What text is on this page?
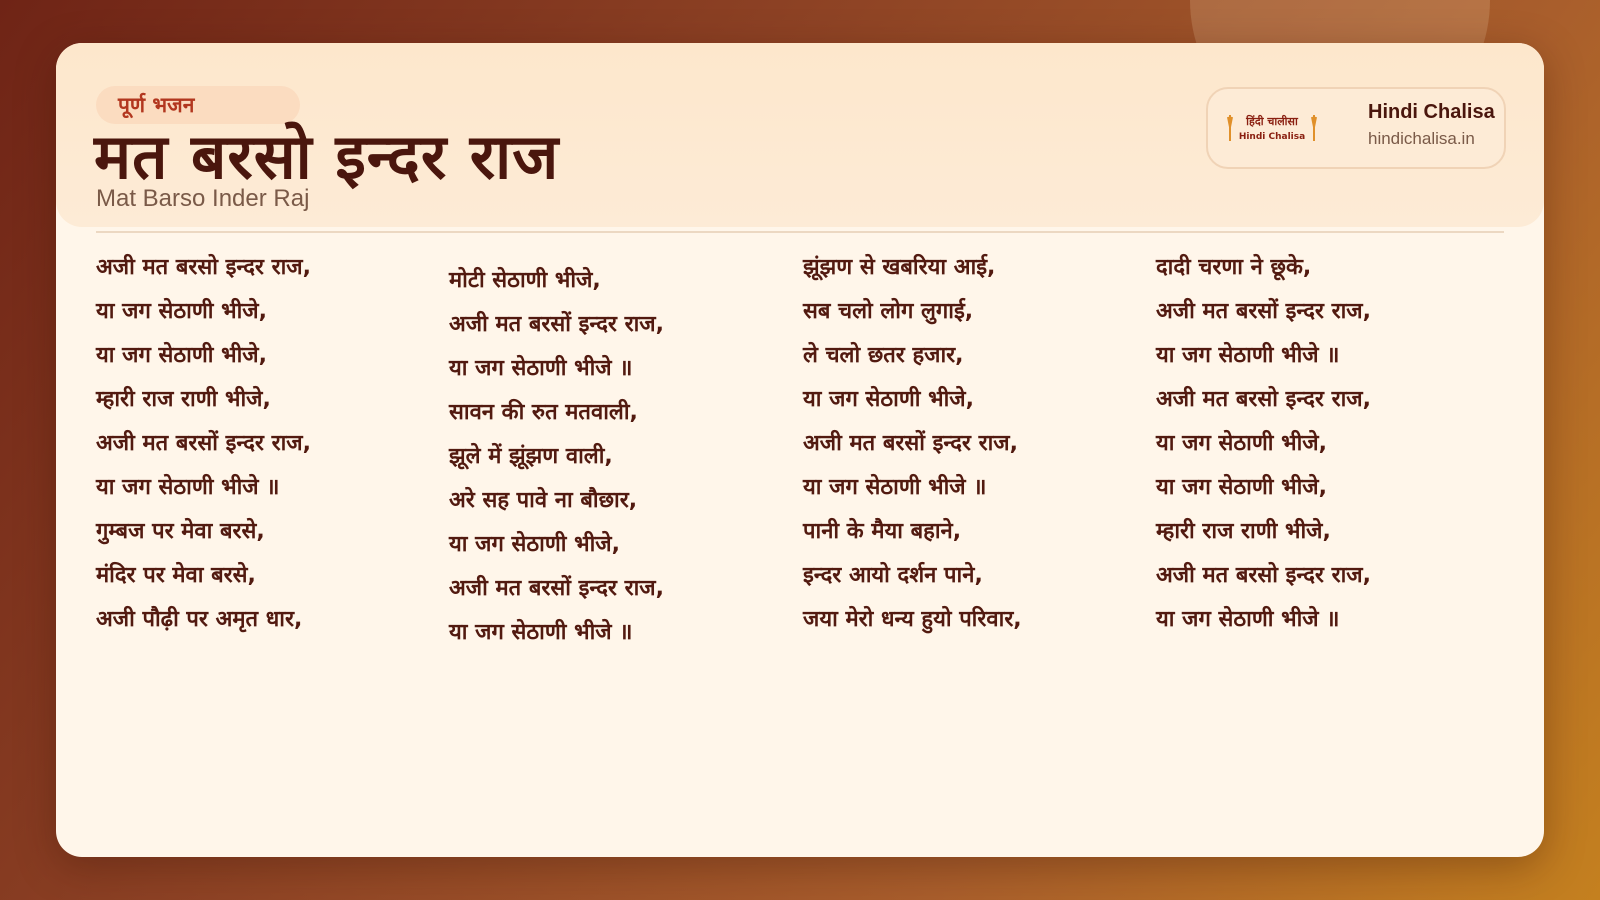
पूर्ण भजन
मत बरसो इन्दर राज
Mat Barso Inder Raj
हिंदी चालीसा
Hindi Chalisa
Hindi Chalisa
hindichalisa.in
अजी मत बरसो इन्दर राज,
या जग सेठाणी भीजे,
या जग सेठाणी भीजे,
म्हारी राज राणी भीजे,
अजी मत बरसों इन्दर राज,
या जग सेठाणी भीजे ॥
गुम्बज पर मेवा बरसे,
मंदिर पर मेवा बरसे,
अजी पौढ़ी पर अमृत धार,
मोटी सेठाणी भीजे,
अजी मत बरसों इन्दर राज,
या जग सेठाणी भीजे ॥
सावन की रुत मतवाली,
झूले में झूंझण वाली,
अरे सह पावे ना बौछार,
या जग सेठाणी भीजे,
अजी मत बरसों इन्दर राज,
या जग सेठाणी भीजे ॥
झूंझण से खबरिया आई,
सब चलो लोग लुगाई,
ले चलो छतर हजार,
या जग सेठाणी भीजे,
अजी मत बरसों इन्दर राज,
या जग सेठाणी भीजे ॥
पानी के मैया बहाने,
इन्दर आयो दर्शन पाने,
जया मेरो धन्य हुयो परिवार,
दादी चरणा ने छूके,
अजी मत बरसों इन्दर राज,
या जग सेठाणी भीजे ॥
अजी मत बरसो इन्दर राज,
या जग सेठाणी भीजे,
या जग सेठाणी भीजे,
म्हारी राज राणी भीजे,
अजी मत बरसो इन्दर राज,
या जग सेठाणी भीजे ॥
